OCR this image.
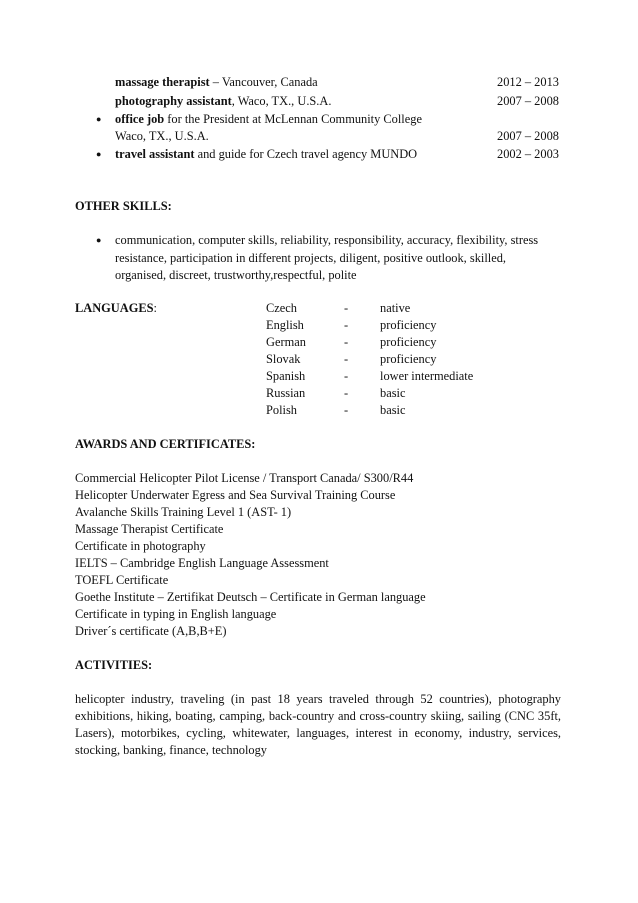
massage therapist – Vancouver, Canada	2012 – 2013
photography assistant, Waco, TX., U.S.A.	2007 – 2008
● office job for the President at McLennan Community College
Waco, TX., U.S.A.	2007 – 2008
● travel assistant and guide for Czech travel agency MUNDO	2002 – 2003
OTHER SKILLS:
● communication, computer skills, reliability, responsibility, accuracy, flexibility, stress
resistance, participation in different projects, diligent, positive outlook, skilled,
organised, discreet, trustworthy,respectful, polite
LANGUAGES:	Czech	-	native
English	-	proficiency
German	-	proficiency
Slovak	-	proficiency
Spanish	-	lower intermediate
Russian	-	basic
Polish	-	basic
AWARDS AND CERTIFICATES:
Commercial Helicopter Pilot License / Transport Canada/ S300/R44
Helicopter Underwater Egress and Sea Survival Training Course
Avalanche Skills Training Level 1 (AST- 1)
Massage Therapist Certificate
Certificate in photography
IELTS – Cambridge English Language Assessment
TOEFL Certificate
Goethe Institute – Zertifikat Deutsch – Certificate in German language
Certificate in typing in English language
Driver´s certificate (A,B,B+E)
ACTIVITIES:
helicopter industry, traveling (in past 18 years traveled through 52 countries), photography exhibitions, hiking, boating, camping, back-country and cross-country skiing, sailing (CNC 35ft, Lasers), motorbikes, cycling, whitewater, languages, interest in economy, industry, services, stocking, banking, finance, technology
